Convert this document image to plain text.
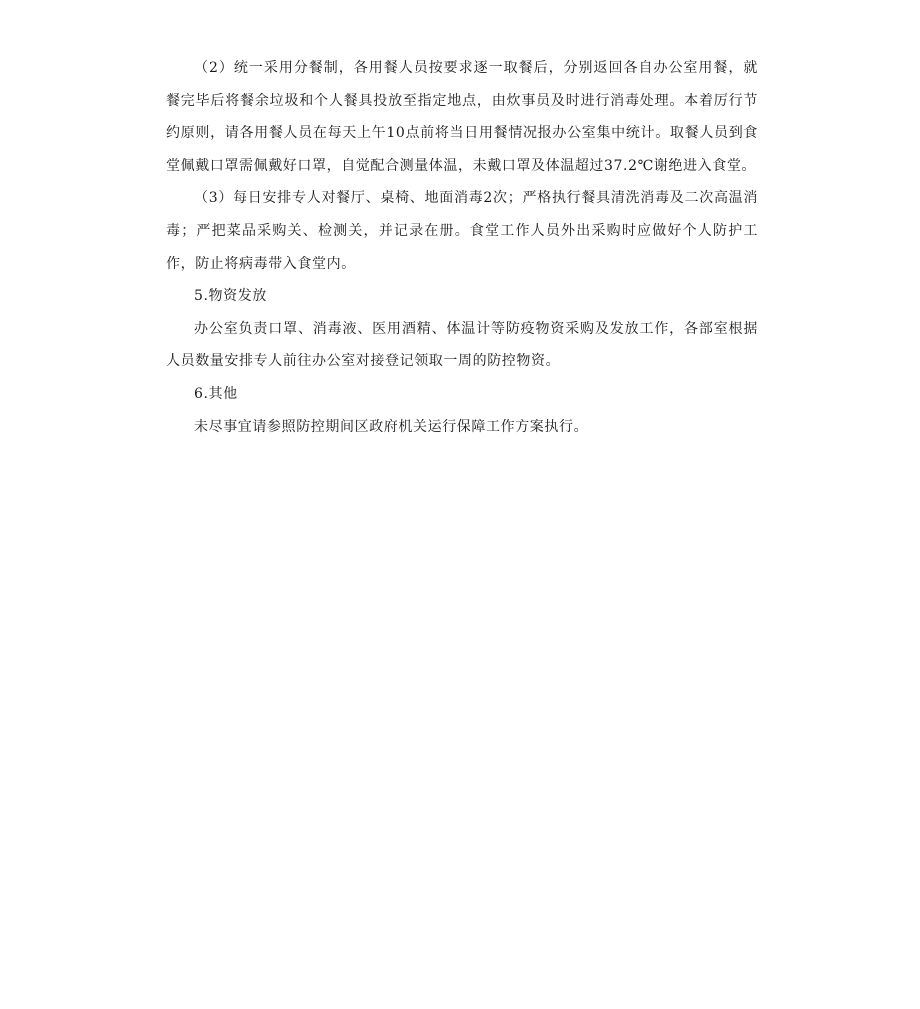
（2）统一采用分餐制，各用餐人员按要求逐一取餐后，分别返回各自办公室用餐，就餐完毕后将餐余垃圾和个人餐具投放至指定地点，由炊事员及时进行消毒处理。本着厉行节约原则，请各用餐人员在每天上午10点前将当日用餐情况报办公室集中统计。取餐人员到食堂佩戴口罩需佩戴好口罩，自觉配合测量体温，未戴口罩及体温超过37.2℃谢绝进入食堂。

（3）每日安排专人对餐厅、桌椅、地面消毒2次；严格执行餐具清洗消毒及二次高温消毒；严把菜品采购关、检测关，并记录在册。食堂工作人员外出采购时应做好个人防护工作，防止将病毒带入食堂内。

5.物资发放

办公室负责口罩、消毒液、医用酒精、体温计等防疫物资采购及发放工作，各部室根据人员数量安排专人前往办公室对接登记领取一周的防控物资。

6.其他

未尽事宜请参照防控期间区政府机关运行保障工作方案执行。
